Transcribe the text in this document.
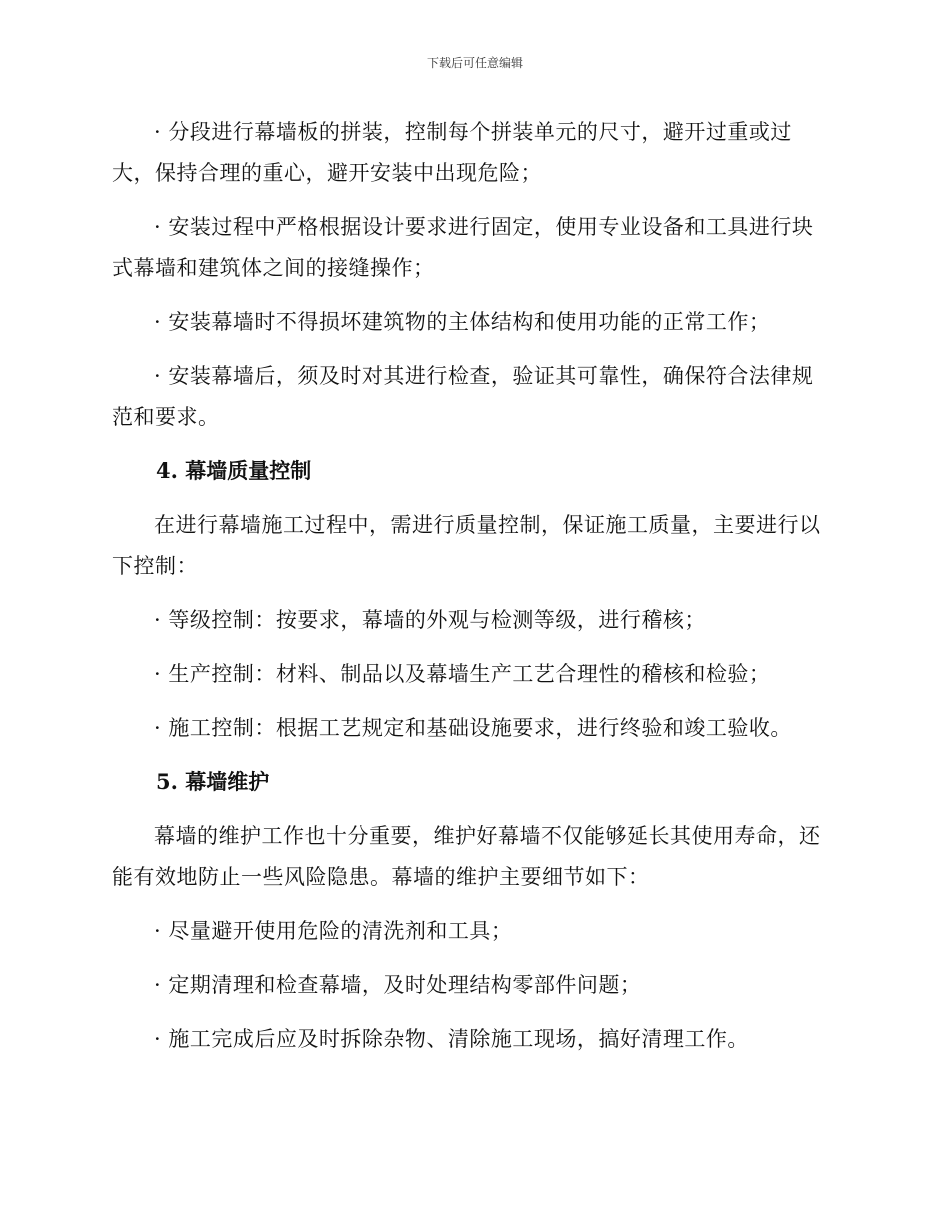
下载后可任意编辑

· 分段进行幕墙板的拼装，控制每个拼装单元的尺寸，避开过重或过大，保持合理的重心，避开安装中出现危险；

· 安装过程中严格根据设计要求进行固定，使用专业设备和工具进行块式幕墙和建筑体之间的接缝操作；

· 安装幕墙时不得损坏建筑物的主体结构和使用功能的正常工作；

· 安装幕墙后，须及时对其进行检查，验证其可靠性，确保符合法律规范和要求。

4. 幕墙质量控制

在进行幕墙施工过程中，需进行质量控制，保证施工质量，主要进行以下控制：

· 等级控制：按要求，幕墙的外观与检测等级，进行稽核；

· 生产控制：材料、制品以及幕墙生产工艺合理性的稽核和检验；

· 施工控制：根据工艺规定和基础设施要求，进行终验和竣工验收。

5. 幕墙维护

幕墙的维护工作也十分重要，维护好幕墙不仅能够延长其使用寿命，还能有效地防止一些风险隐患。幕墙的维护主要细节如下：

· 尽量避开使用危险的清洗剂和工具；

· 定期清理和检查幕墙，及时处理结构零部件问题；

· 施工完成后应及时拆除杂物、清除施工现场，搞好清理工作。
